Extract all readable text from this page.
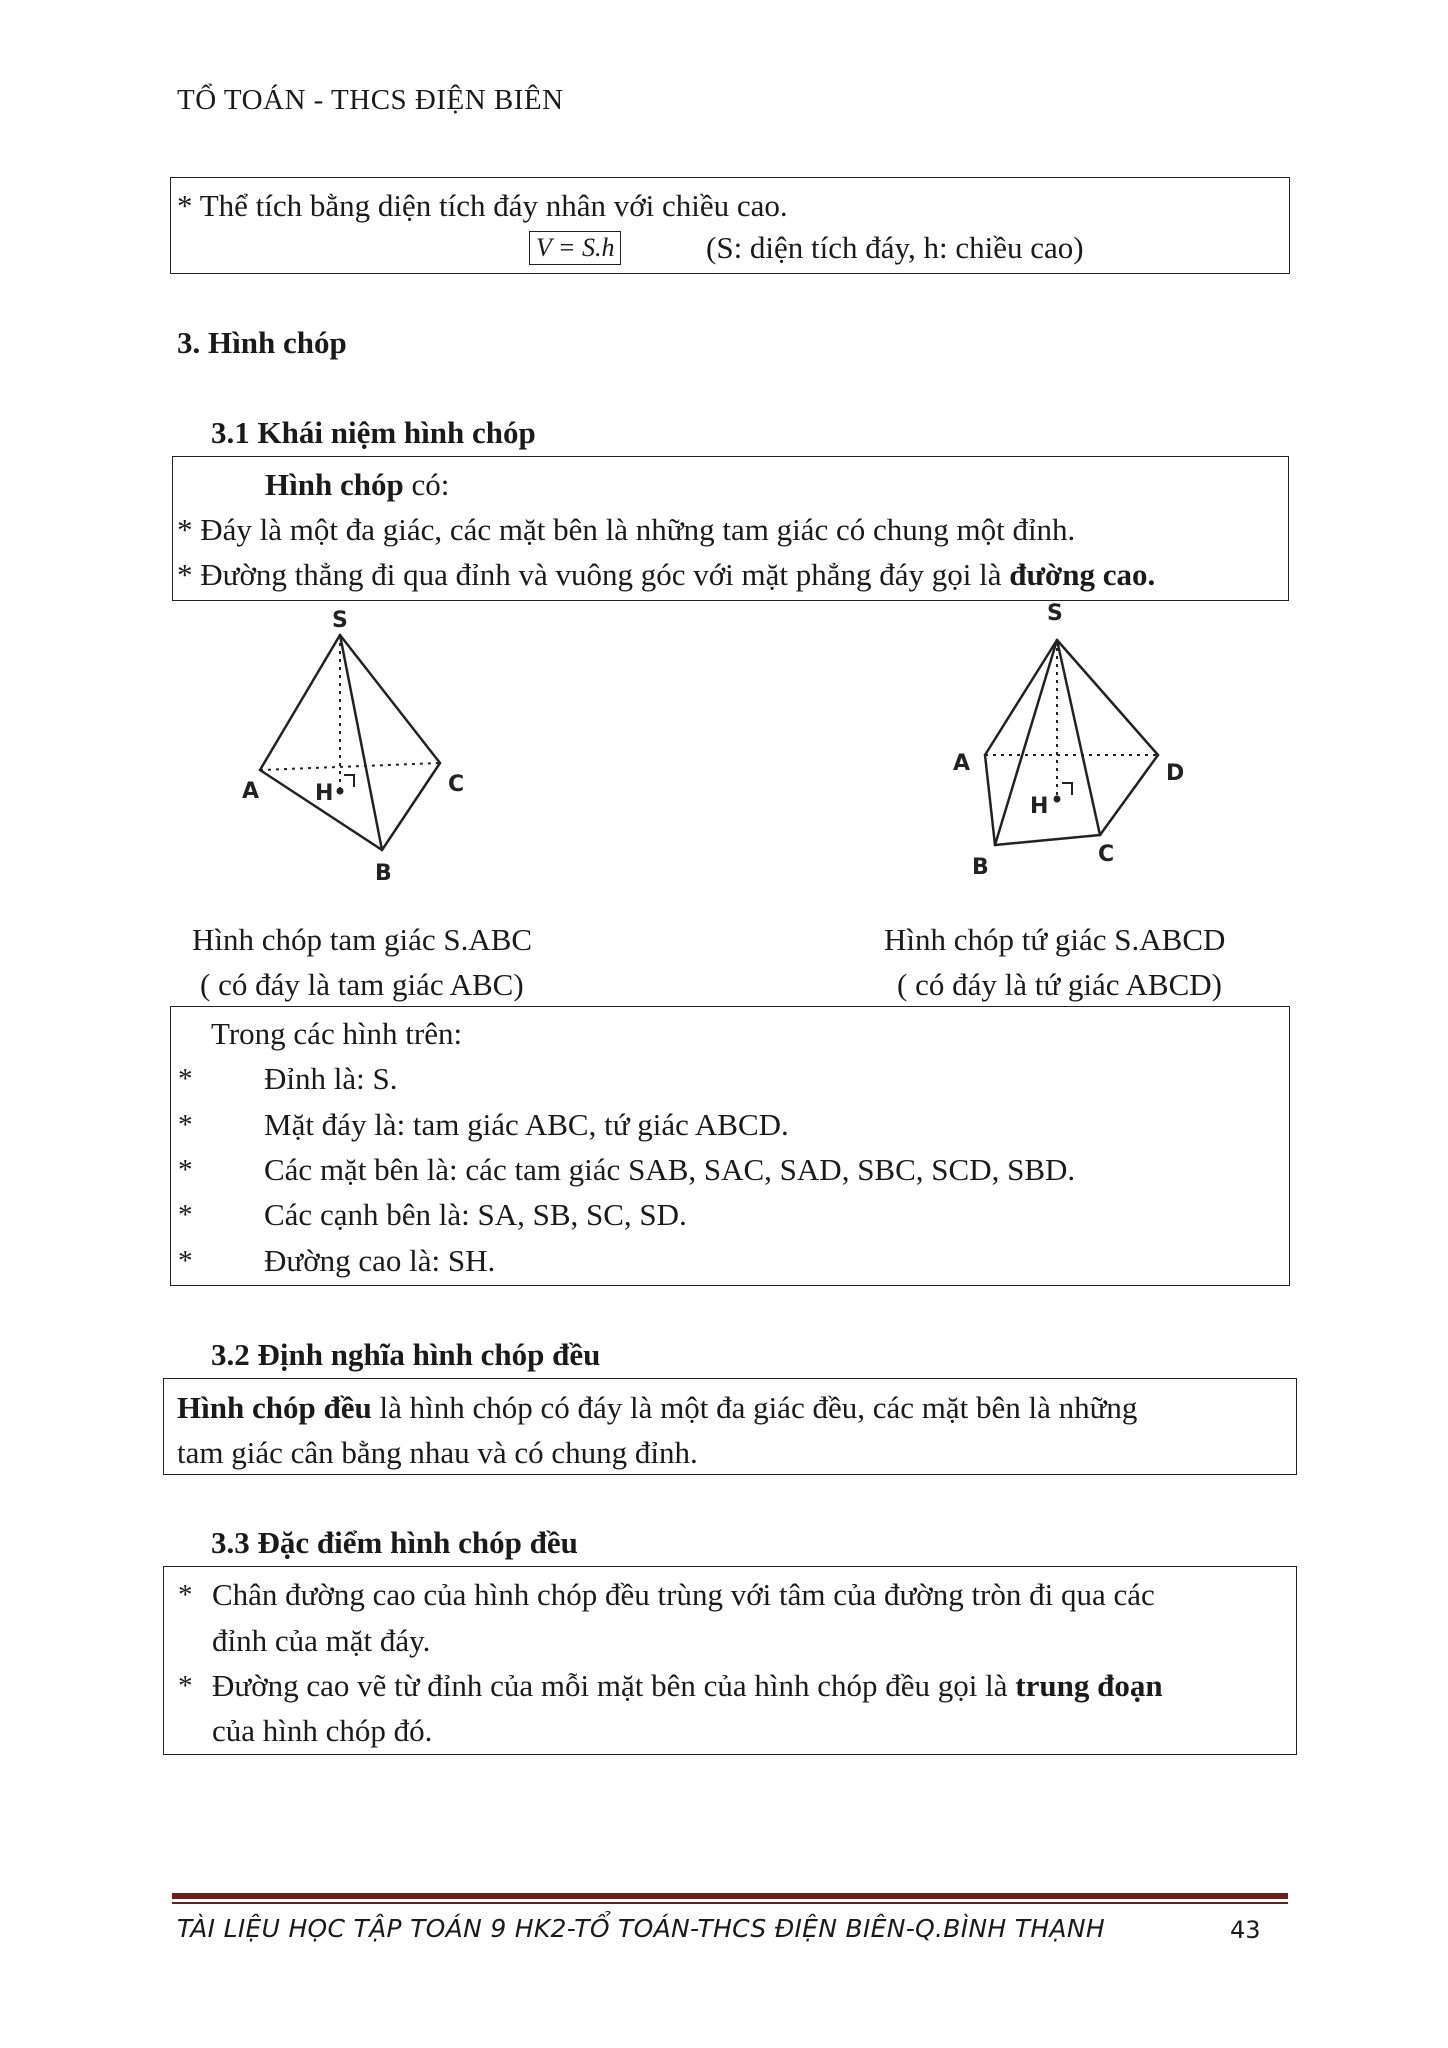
TỔ TOÁN - THCS ĐIỆN BIÊN
* Thể tích bằng diện tích đáy nhân với chiều cao.
V = S.h	(S: diện tích đáy, h: chiều cao)
3. Hình chóp
3.1 Khái niệm hình chóp
Hình chóp có:
* Đáy là một đa giác, các mặt bên là những tam giác có chung một đỉnh.
* Đường thẳng đi qua đỉnh và vuông góc với mặt phẳng đáy gọi là đường cao.
S
A	H	C
B
S
A
H
C
D
B
Hình chóp tam giác S.ABC
( có đáy là tam giác ABC)
Hình chóp tứ giác S.ABCD
( có đáy là tứ giác ABCD)
Trong các hình trên:
* Đỉnh là: S.
* Mặt đáy là: tam giác ABC, tứ giác ABCD.
* Các mặt bên là: các tam giác SAB, SAC, SAD, SBC, SCD, SBD.
* Các cạnh bên là: SA, SB, SC, SD.
* Đường cao là: SH.
3.2 Định nghĩa hình chóp đều
Hình chóp đều là hình chóp có đáy là một đa giác đều, các mặt bên là những
tam giác cân bằng nhau và có chung đỉnh.
3.3 Đặc điểm hình chóp đều
* Chân đường cao của hình chóp đều trùng với tâm của đường tròn đi qua các
đỉnh của mặt đáy.
* Đường cao vẽ từ đỉnh của mỗi mặt bên của hình chóp đều gọi là trung đoạn
của hình chóp đó.
TÀI LIỆU HỌC TẬP TOÁN 9 HK2-TỔ TOÁN-THCS ĐIỆN BIÊN-Q.BÌNH THẠNH	43
